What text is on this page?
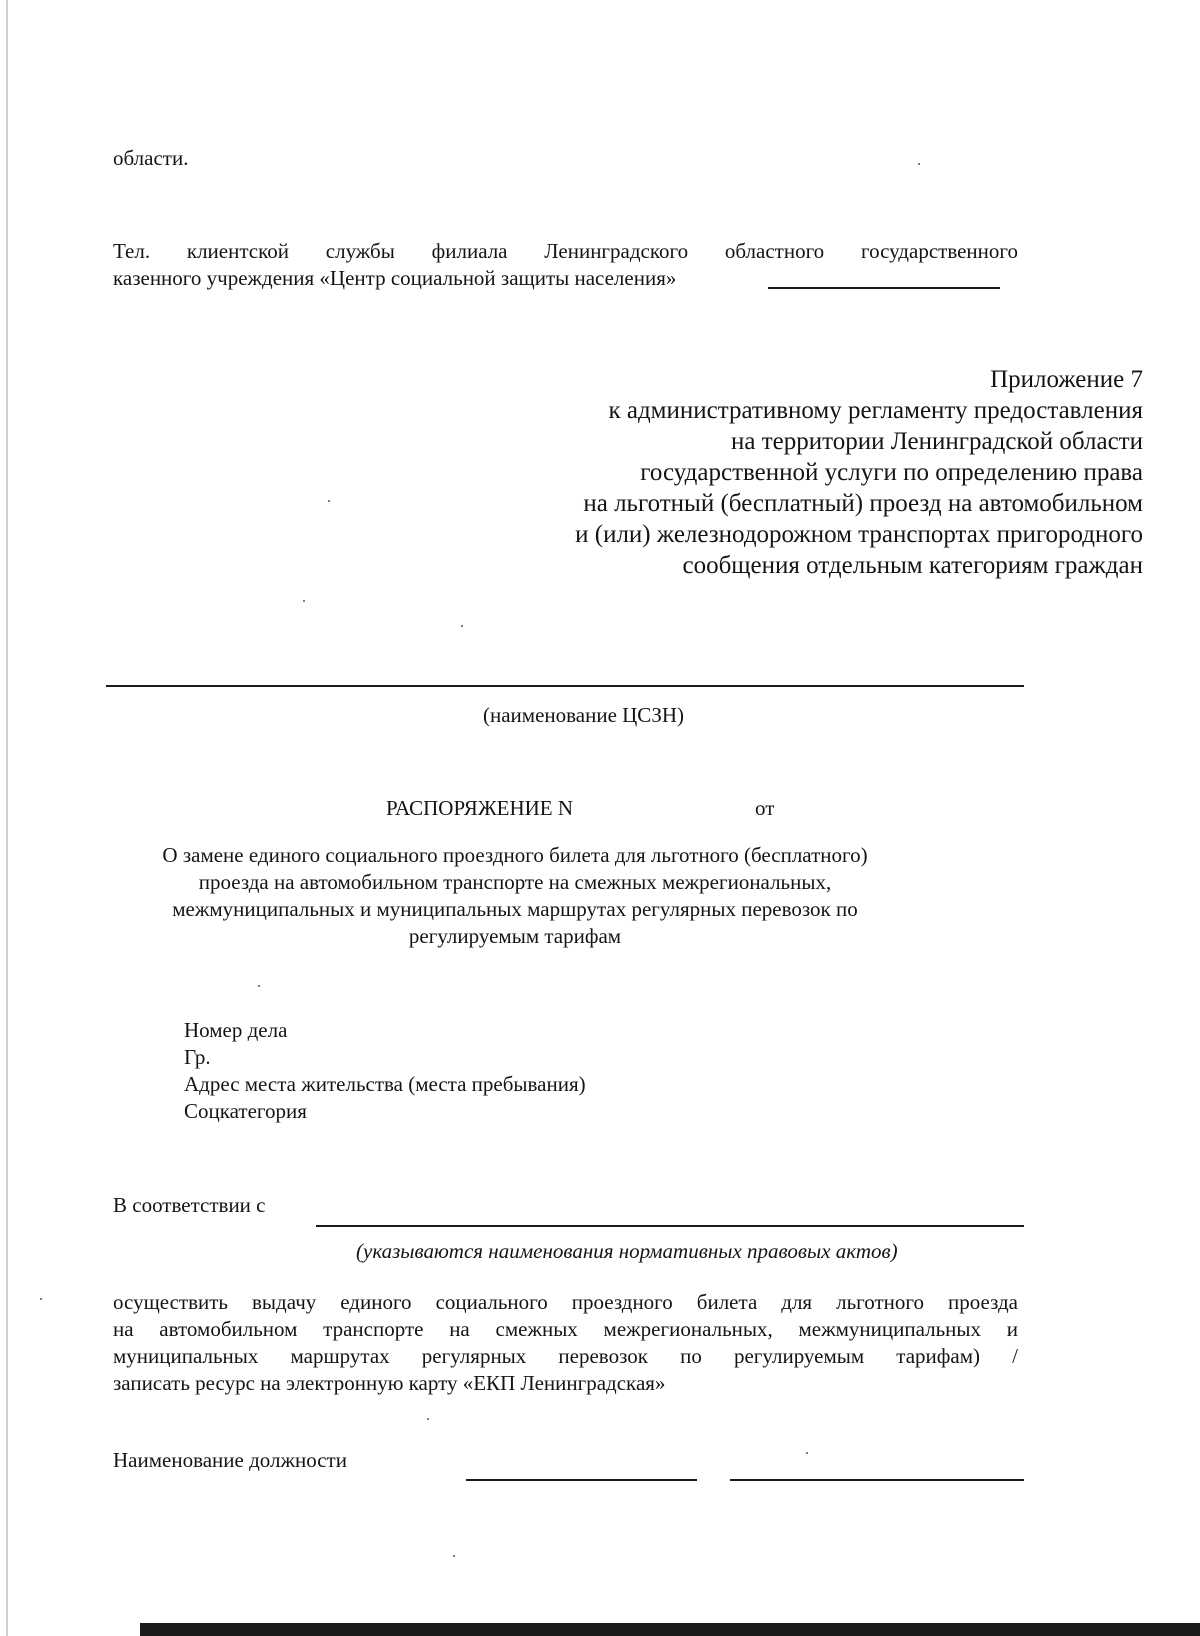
области.
Тел. клиентской службы филиала Ленинградского областного государственного
казенного учреждения «Центр социальной защиты населения»
Приложение 7
к административному регламенту предоставления
на территории Ленинградской области
государственной услуги по определению права
на льготный (бесплатный) проезд на автомобильном
и (или) железнодорожном транспортах пригородного
сообщения отдельным категориям граждан
(наименование ЦСЗН)
РАСПОРЯЖЕНИЕ N	от
О замене единого социального проездного билета для льготного (бесплатного)
проезда на автомобильном транспорте на смежных межрегиональных,
межмуниципальных и муниципальных маршрутах регулярных перевозок по
регулируемым тарифам
Номер дела
Гр.
Адрес места жительства (места пребывания)
Соцкатегория
В соответствии с
(указываются наименования нормативных правовых актов)
осуществить выдачу единого социального проездного билета для льготного проезда
на автомобильном транспорте на смежных межрегиональных, межмуниципальных и
муниципальных маршрутах регулярных перевозок по регулируемым тарифам) /
записать ресурс на электронную карту «ЕКП Ленинградская»
Наименование должности
